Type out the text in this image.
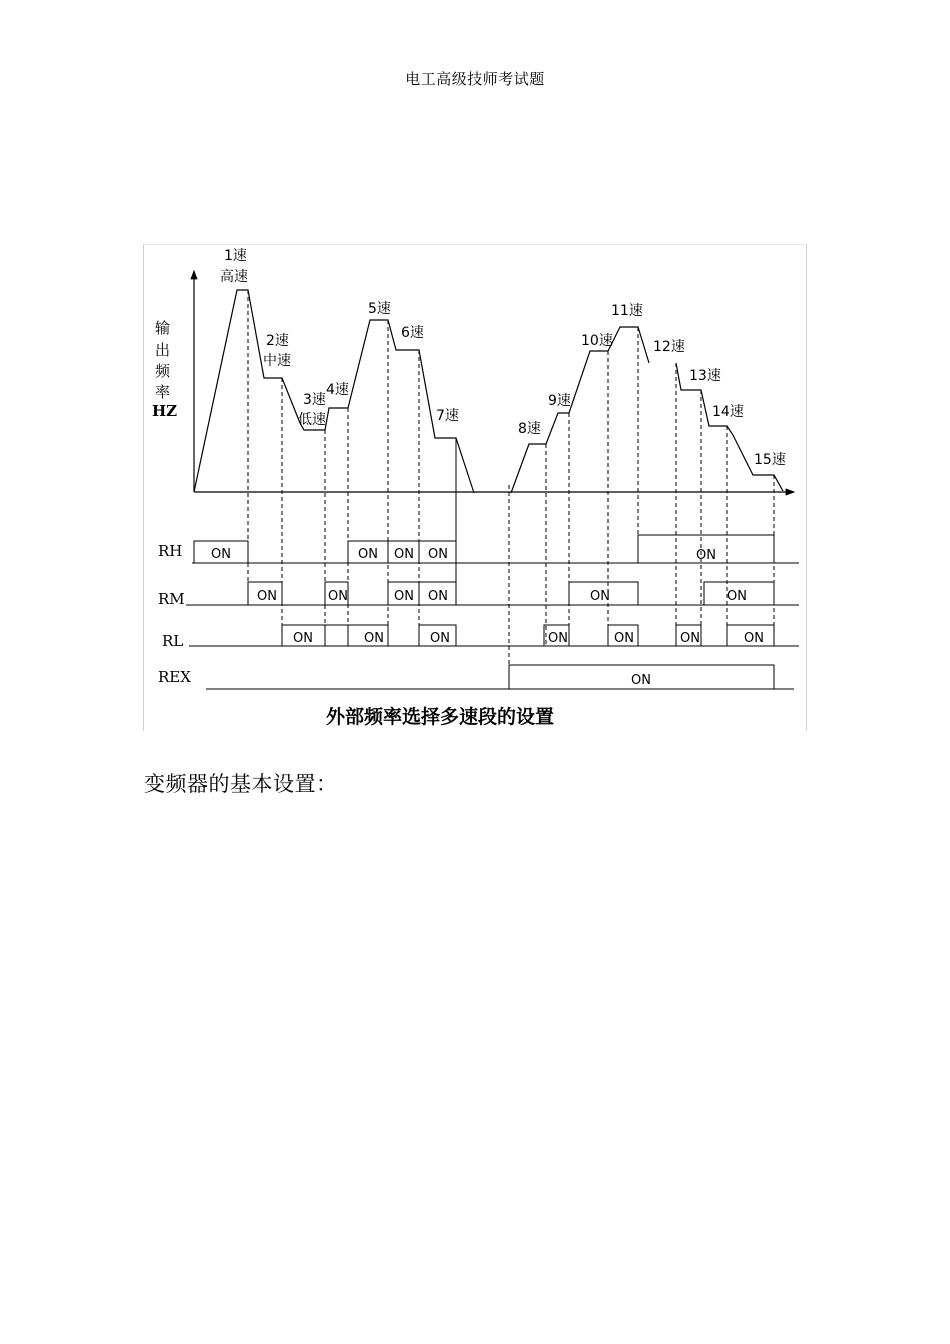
电工高级技师考试题
输
出
频
率
HZ
1速
高速
2速
中速
3速
低速
4速
5速
6速
7速
8速
9速
10速
11速
12速
13速
14速
15速
RH
RM
RL
REX
ON	ON ON ON	ON
ON	ON	ON ON	ON	ON
ON	ON	ON	ON	ON	ON	ON
ON
外部频率选择多速段的设置
变频器的基本设置：
